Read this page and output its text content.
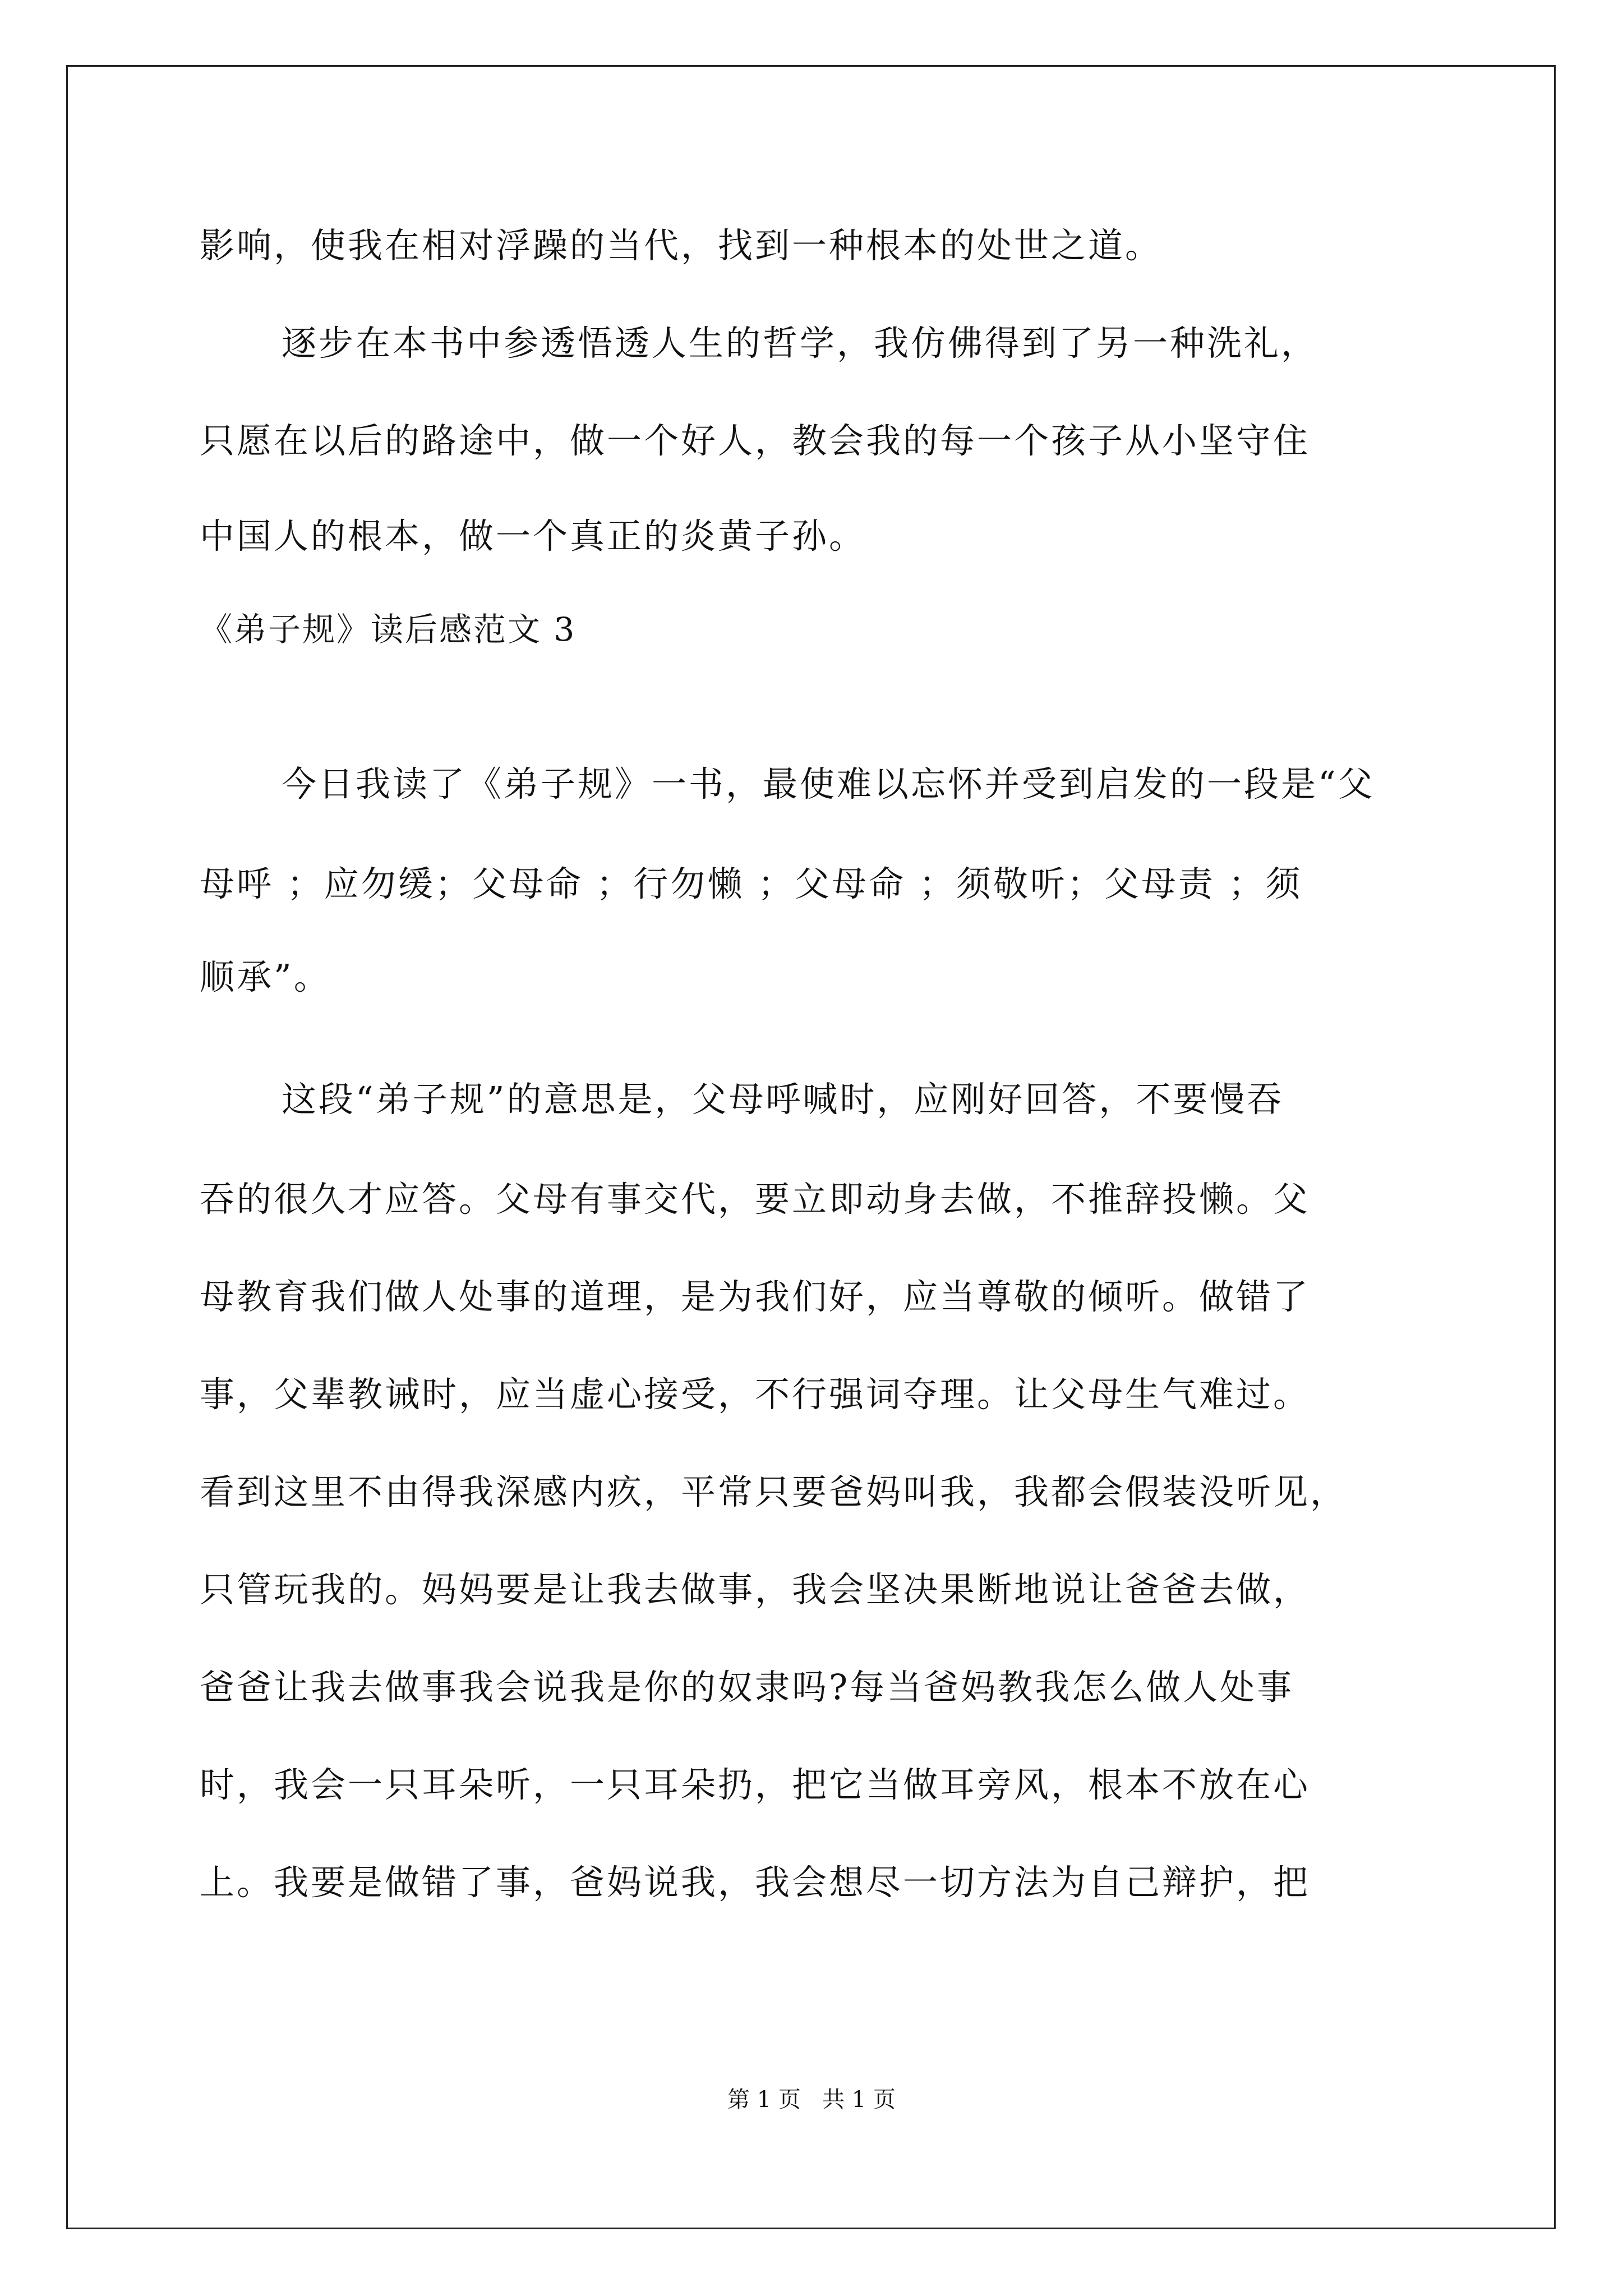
影响，使我在相对浮躁的当代，找到一种根本的处世之道。
逐步在本书中参透悟透人生的哲学，我仿佛得到了另一种洗礼，
只愿在以后的路途中，做一个好人，教会我的每一个孩子从小坚守住
中国人的根本，做一个真正的炎黄子孙。
《弟子规》读后感范文 3
今日我读了《弟子规》一书，最使难以忘怀并受到启发的一段是“父
母呼 ；应勿缓；父母命 ；行勿懒 ；父母命 ；须敬听；父母责 ；须
顺承”。
这段“弟子规”的意思是，父母呼喊时，应刚好回答，不要慢吞
吞的很久才应答。父母有事交代，要立即动身去做，不推辞投懒。父
母教育我们做人处事的道理，是为我们好，应当尊敬的倾听。做错了
事，父辈教诫时，应当虚心接受，不行强词夺理。让父母生气难过。
看到这里不由得我深感内疚，平常只要爸妈叫我，我都会假装没听见，
只管玩我的。妈妈要是让我去做事，我会坚决果断地说让爸爸去做，
爸爸让我去做事我会说我是你的奴隶吗?每当爸妈教我怎么做人处事
时，我会一只耳朵听，一只耳朵扔，把它当做耳旁风，根本不放在心
上。我要是做错了事，爸妈说我，我会想尽一切方法为自己辩护，把
第 1 页   共 1 页
